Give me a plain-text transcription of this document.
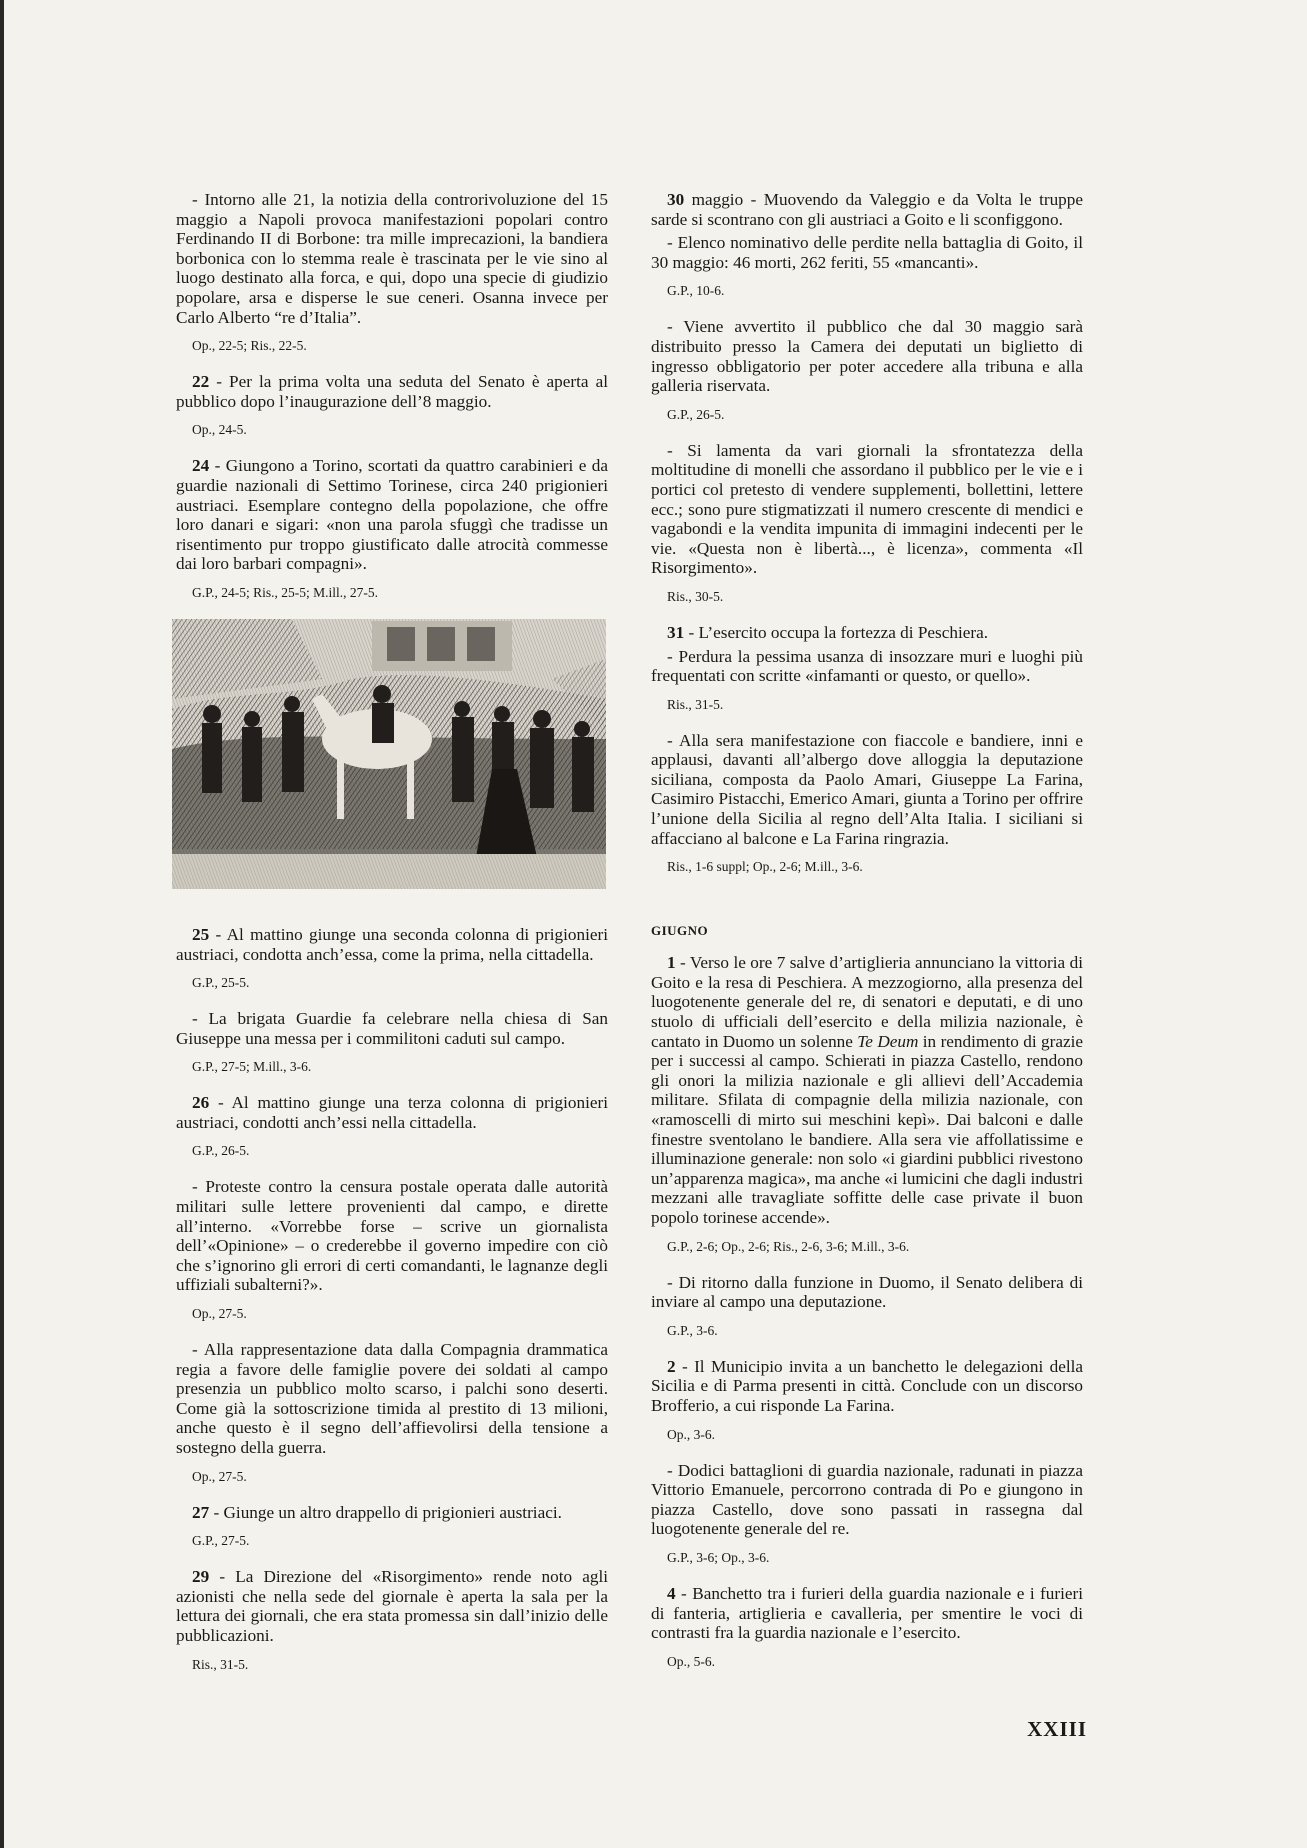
- Intorno alle 21, la notizia della controrivoluzione del 15 maggio a Napoli provoca manifestazioni popolari contro Ferdinando II di Borbone: tra mille imprecazioni, la bandiera borbonica con lo stemma reale è trascinata per le vie sino al luogo destinato alla forca, e qui, dopo una specie di giudizio popolare, arsa e disperse le sue ceneri. Osanna invece per Carlo Alberto “re d’Italia”.

Op., 22-5; Ris., 22-5.

22 - Per la prima volta una seduta del Senato è aperta al pubblico dopo l’inaugurazione dell’8 maggio.

Op., 24-5.

24 - Giungono a Torino, scortati da quattro carabinieri e da guardie nazionali di Settimo Torinese, circa 240 prigionieri austriaci. Esemplare contegno della popolazione, che offre loro danari e sigari: «non una parola sfuggì che tradisse un risentimento pur troppo giustificato dalle atrocità commesse dai loro barbari compagni».

G.P., 24-5; Ris., 25-5; M.ill., 27-5.

25 - Al mattino giunge una seconda colonna di prigionieri austriaci, condotta anch’essa, come la prima, nella cittadella.

G.P., 25-5.

- La brigata Guardie fa celebrare nella chiesa di San Giuseppe una messa per i commilitoni caduti sul campo.

G.P., 27-5; M.ill., 3-6.

26 - Al mattino giunge una terza colonna di prigionieri austriaci, condotti anch’essi nella cittadella.

G.P., 26-5.

- Proteste contro la censura postale operata dalle autorità militari sulle lettere provenienti dal campo, e dirette all’interno. «Vorrebbe forse – scrive un giornalista dell’«Opinione» – o crederebbe il governo impedire con ciò che s’ignorino gli errori di certi comandanti, le lagnanze degli uffiziali subalterni?».

Op., 27-5.

- Alla rappresentazione data dalla Compagnia drammatica regia a favore delle famiglie povere dei soldati al campo presenzia un pubblico molto scarso, i palchi sono deserti. Come già la sottoscrizione timida al prestito di 13 milioni, anche questo è il segno dell’affievolirsi della tensione a sostegno della guerra.

Op., 27-5.

27 - Giunge un altro drappello di prigionieri austriaci.

G.P., 27-5.

29 - La Direzione del «Risorgimento» rende noto agli azionisti che nella sede del giornale è aperta la sala per la lettura dei giornali, che era stata promessa sin dall’inizio delle pubblicazioni.

Ris., 31-5.

30 maggio - Muovendo da Valeggio e da Volta le truppe sarde si scontrano con gli austriaci a Goito e li sconfiggono.

- Elenco nominativo delle perdite nella battaglia di Goito, il 30 maggio: 46 morti, 262 feriti, 55 «mancanti».

G.P., 10-6.

- Viene avvertito il pubblico che dal 30 maggio sarà distribuito presso la Camera dei deputati un biglietto di ingresso obbligatorio per poter accedere alla tribuna e alla galleria riservata.

G.P., 26-5.

- Si lamenta da vari giornali la sfrontatezza della moltitudine di monelli che assordano il pubblico per le vie e i portici col pretesto di vendere supplementi, bollettini, lettere ecc.; sono pure stigmatizzati il numero crescente di mendici e vagabondi e la vendita impunita di immagini indecenti per le vie. «Questa non è libertà..., è licenza», commenta «Il Risorgimento».

Ris., 30-5.

31 - L’esercito occupa la fortezza di Peschiera.

- Perdura la pessima usanza di insozzare muri e luoghi più frequentati con scritte «infamanti or questo, or quello».

Ris., 31-5.

- Alla sera manifestazione con fiaccole e bandiere, inni e applausi, davanti all’albergo dove alloggia la deputazione siciliana, composta da Paolo Amari, Giuseppe La Farina, Casimiro Pistacchi, Emerico Amari, giunta a Torino per offrire l’unione della Sicilia al regno dell’Alta Italia. I siciliani si affacciano al balcone e La Farina ringrazia.

Ris., 1-6 suppl; Op., 2-6; M.ill., 3-6.
GIUGNO

1 - Verso le ore 7 salve d’artiglieria annunciano la vittoria di Goito e la resa di Peschiera. A mezzogiorno, alla presenza del luogotenente generale del re, di senatori e deputati, e di uno stuolo di ufficiali dell’esercito e della milizia nazionale, è cantato in Duomo un solenne Te Deum in rendimento di grazie per i successi al campo. Schierati in piazza Castello, rendono gli onori la milizia nazionale e gli allievi dell’Accademia militare. Sfilata di compagnie della milizia nazionale, con «ramoscelli di mirto sui meschini kepì». Dai balconi e dalle finestre sventolano le bandiere. Alla sera vie affollatissime e illuminazione generale: non solo «i giardini pubblici rivestono un’apparenza magica», ma anche «i lumicini che dagli industri mezzani alle travagliate soffitte delle case private il buon popolo torinese accende».

G.P., 2-6; Op., 2-6; Ris., 2-6, 3-6; M.ill., 3-6.

- Di ritorno dalla funzione in Duomo, il Senato delibera di inviare al campo una deputazione.

G.P., 3-6.

2 - Il Municipio invita a un banchetto le delegazioni della Sicilia e di Parma presenti in città. Conclude con un discorso Brofferio, a cui risponde La Farina.

Op., 3-6.

- Dodici battaglioni di guardia nazionale, radunati in piazza Vittorio Emanuele, percorrono contrada di Po e giungono in piazza Castello, dove sono passati in rassegna dal luogotenente generale del re.

G.P., 3-6; Op., 3-6.

4 - Banchetto tra i furieri della guardia nazionale e i furieri di fanteria, artiglieria e cavalleria, per smentire le voci di contrasti fra la guardia nazionale e l’esercito.

Op., 5-6.
XXIII
